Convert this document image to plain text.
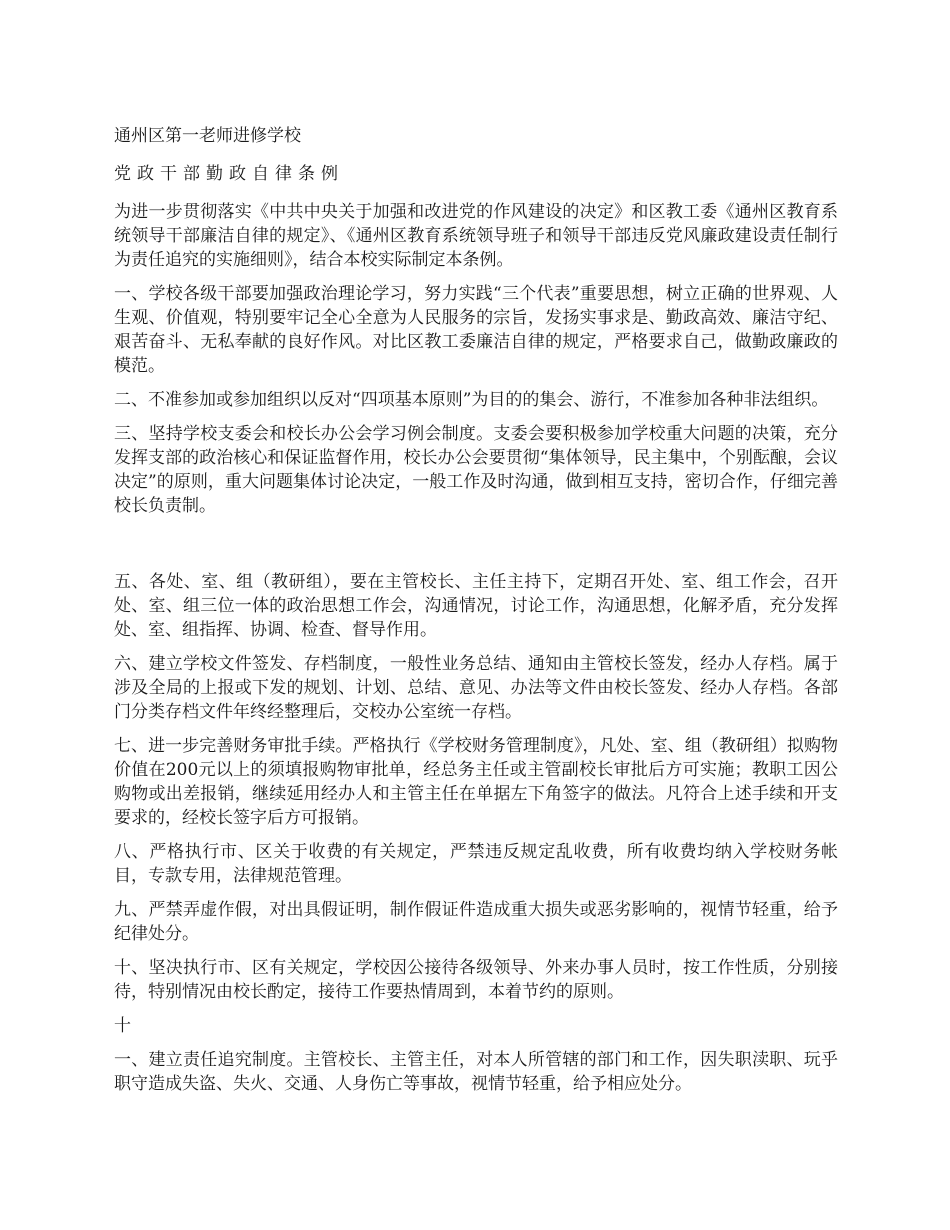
通州区第一老师进修学校

党政干部勤政自律条例

为进一步贯彻落实《中共中央关于加强和改进党的作风建设的决定》和区教工委《通州区教育系统领导干部廉洁自律的规定》、《通州区教育系统领导班子和领导干部违反党风廉政建设责任制行为责任追究的实施细则》，结合本校实际制定本条例。

一、学校各级干部要加强政治理论学习，努力实践“三个代表”重要思想，树立正确的世界观、人生观、价值观，特别要牢记全心全意为人民服务的宗旨，发扬实事求是、勤政高效、廉洁守纪、艰苦奋斗、无私奉献的良好作风。对比区教工委廉洁自律的规定，严格要求自己，做勤政廉政的模范。

二、不准参加或参加组织以反对“四项基本原则”为目的的集会、游行，不准参加各种非法组织。

三、坚持学校支委会和校长办公会学习例会制度。支委会要积极参加学校重大问题的决策，充分发挥支部的政治核心和保证监督作用，校长办公会要贯彻“集体领导，民主集中，个别酝酿，会议决定”的原则，重大问题集体讨论决定，一般工作及时沟通，做到相互支持，密切合作，仔细完善校长负责制。

五、各处、室、组（教研组），要在主管校长、主任主持下，定期召开处、室、组工作会，召开处、室、组三位一体的政治思想工作会，沟通情况，讨论工作，沟通思想，化解矛盾，充分发挥处、室、组指挥、协调、检查、督导作用。

六、建立学校文件签发、存档制度，一般性业务总结、通知由主管校长签发，经办人存档。属于涉及全局的上报或下发的规划、计划、总结、意见、办法等文件由校长签发、经办人存档。各部门分类存档文件年终经整理后，交校办公室统一存档。

七、进一步完善财务审批手续。严格执行《学校财务管理制度》，凡处、室、组（教研组）拟购物价值在200元以上的须填报购物审批单，经总务主任或主管副校长审批后方可实施；教职工因公购物或出差报销，继续延用经办人和主管主任在单据左下角签字的做法。凡符合上述手续和开支要求的，经校长签字后方可报销。

八、严格执行市、区关于收费的有关规定，严禁违反规定乱收费，所有收费均纳入学校财务帐目，专款专用，法律规范管理。

九、严禁弄虚作假，对出具假证明，制作假证件造成重大损失或恶劣影响的，视情节轻重，给予纪律处分。

十、坚决执行市、区有关规定，学校因公接待各级领导、外来办事人员时，按工作性质，分别接待，特别情况由校长酌定，接待工作要热情周到，本着节约的原则。

十

一、建立责任追究制度。主管校长、主管主任，对本人所管辖的部门和工作，因失职渎职、玩乎职守造成失盗、失火、交通、人身伤亡等事故，视情节轻重，给予相应处分。
